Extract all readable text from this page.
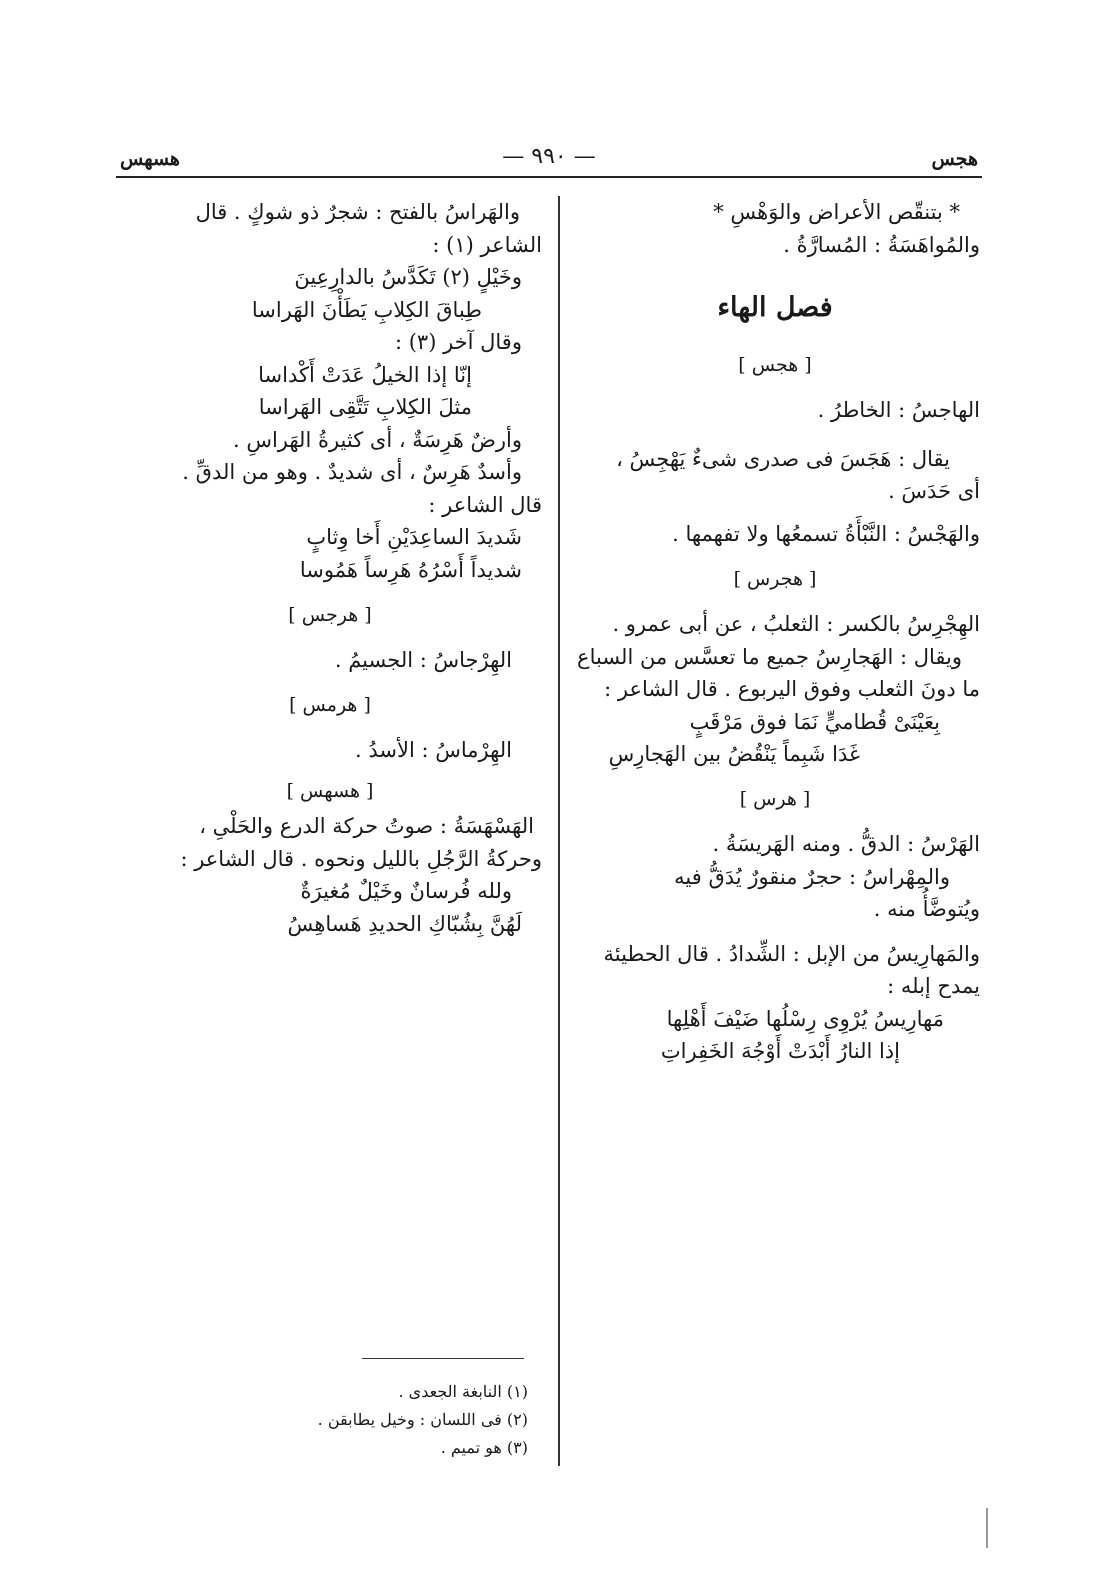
هجس
— ٩٩٠ —
هسهس
* بتنقّص الأعراض والوَهْسِ *
والمُواهَسَةُ : المُسارَّةُ .
فصل الهاء
[ هجس ]
الهاجسُ : الخاطرُ .
يقال : هَجَسَ فى صدرى شىءٌ يَهْجِسُ ،
أى حَدَسَ .
والهَجْسُ : النَّبْأَةُ تسمعُها ولا تفهمها .
[ هجرس ]
الهِجْرِسُ بالكسر : الثعلبُ ، عن أبى عمرو .
ويقال : الهَجارِسُ جميع ما تعسَّس من السباع
ما دونَ الثعلب وفوق اليربوع . قال الشاعر :
بِعَيْنَىْ قُطاميٍّ نَمَا فوق مَرْقَبٍ
غَدَا شَبِماً يَنْقُضُ بين الهَجارِسِ
[ هرس ]
الهَرْسُ : الدقُّ . ومنه الهَريسَةُ .
والمِهْراسُ : حجرٌ منقورٌ يُدَقُّ فيه
ويُتوضَّأُ منه .
والمَهارِيسُ من الإبل : الشِّدادُ . قال الحطيئة
يمدح إبله :
مَهارِيسُ يُرْوِى رِسْلُها ضَيْفَ أَهْلِها
إذا النارُ أَبْدَتْ أَوْجُهَ الخَفِراتِ
والهَراسُ بالفتح : شجرٌ ذو شوكٍ . قال
الشاعر (١) :
وخَيْلٍ (٢) تَكَدَّسُ بالدارِعِينَ
طِباقَ الكِلابِ يَطَأْنَ الهَراسا
وقال آخر (٣) :
إنّا إذا الخيلُ عَدَتْ أَكْداسا
مثلَ الكِلابِ تَتَّقِى الهَراسا
وأرضٌ هَرِسَةٌ ، أى كثيرةُ الهَراسِ .
وأسدٌ هَرِسٌ ، أى شديدٌ . وهو من الدقِّ .
قال الشاعر :
شَديدَ الساعِدَيْنِ أَخا وِثابٍ
شديداً أَسْرُهُ هَرِساً هَمُوسا
[ هرجس ]
الهِرْجاسُ : الجسيمُ .
[ هرمس ]
الهِرْماسُ : الأسدُ .
[ هسهس ]
الهَسْهَسَةُ : صوتُ حركة الدرع والحَلْىِ ،
وحركةُ الرَّجُلِ بالليل ونحوه . قال الشاعر :
ولله فُرسانٌ وخَيْلٌ مُغيرَةٌ
لَهُنَّ بِشُبّاكِ الحديدِ هَساهِسُ
(١) النابغة الجعدى .
(٢) فى اللسان : وخيل يطابقن .
(٣) هو تميم .
